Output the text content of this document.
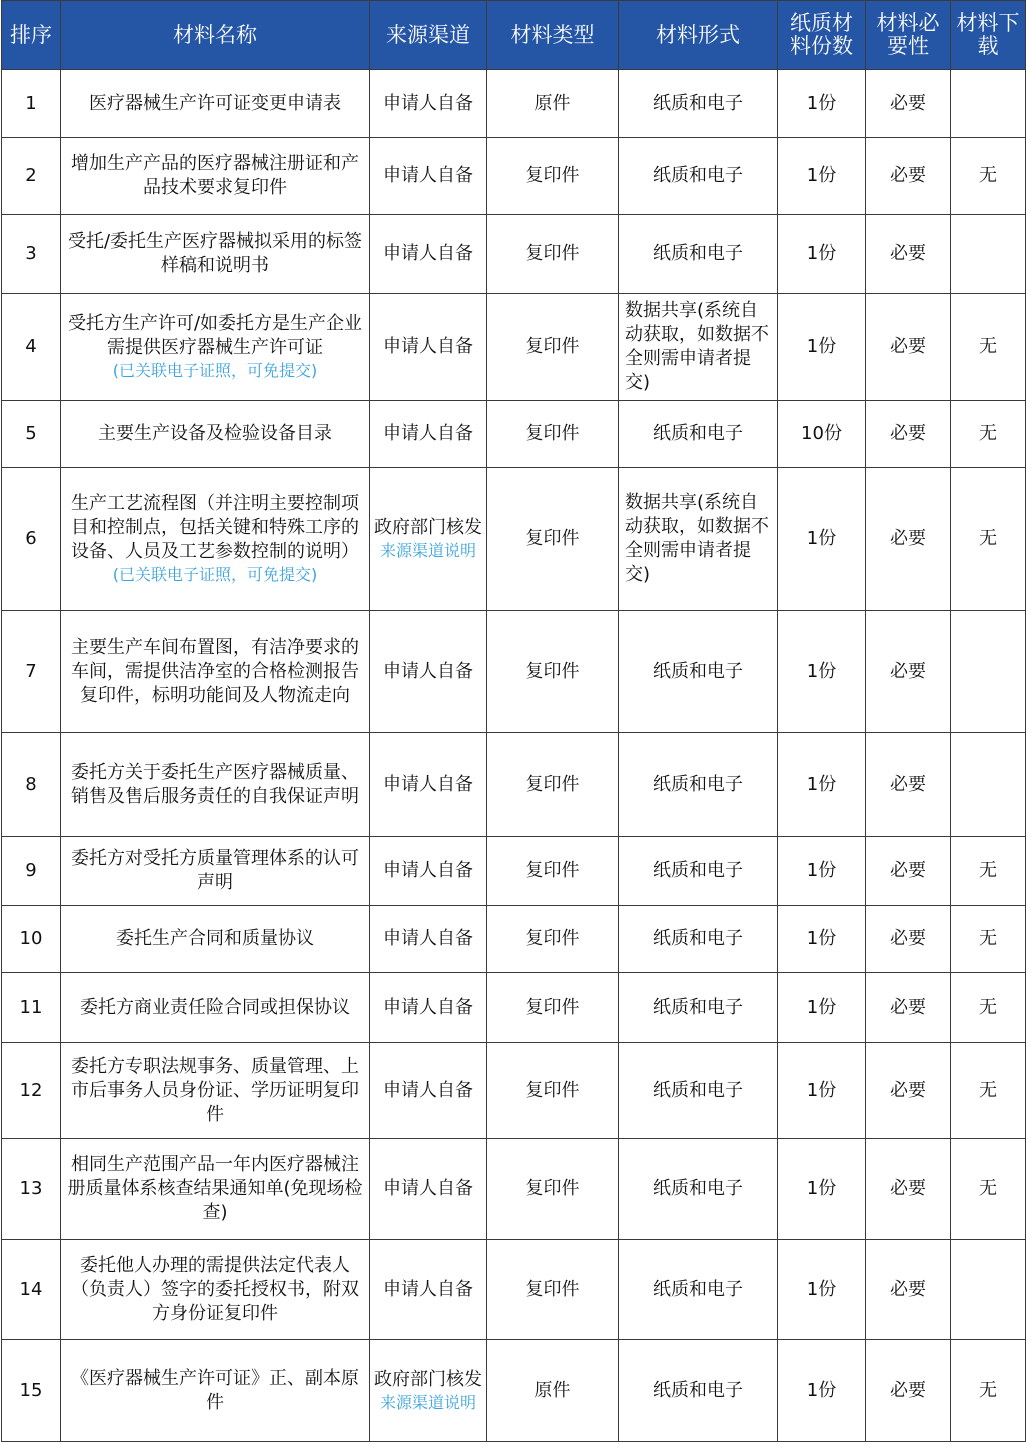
排序	材料名称	来源渠道	材料类型	材料形式	纸质材料份数	材料必要性	材料下载
1	医疗器械生产许可证变更申请表	申请人自备	原件	纸质和电子	1份	必要	
2	增加生产产品的医疗器械注册证和产品技术要求复印件	申请人自备	复印件	纸质和电子	1份	必要	无
3	受托/委托生产医疗器械拟采用的标签样稿和说明书	申请人自备	复印件	纸质和电子	1份	必要	
4	受托方生产许可/如委托方是生产企业需提供医疗器械生产许可证
(已关联电子证照，可免提交)	申请人自备	复印件	数据共享(系统自动获取，如数据不全则需申请者提交)	1份	必要	无
5	主要生产设备及检验设备目录	申请人自备	复印件	纸质和电子	10份	必要	无
6	生产工艺流程图（并注明主要控制项目和控制点，包括关键和特殊工序的设备、人员及工艺参数控制的说明）
(已关联电子证照，可免提交)	政府部门核发
来源渠道说明	复印件	数据共享(系统自动获取，如数据不全则需申请者提交)	1份	必要	无
7	主要生产车间布置图，有洁净要求的车间，需提供洁净室的合格检测报告复印件，标明功能间及人物流走向	申请人自备	复印件	纸质和电子	1份	必要	
8	委托方关于委托生产医疗器械质量、销售及售后服务责任的自我保证声明	申请人自备	复印件	纸质和电子	1份	必要	
9	委托方对受托方质量管理体系的认可声明	申请人自备	复印件	纸质和电子	1份	必要	无
10	委托生产合同和质量协议	申请人自备	复印件	纸质和电子	1份	必要	无
11	委托方商业责任险合同或担保协议	申请人自备	复印件	纸质和电子	1份	必要	无
12	委托方专职法规事务、质量管理、上市后事务人员身份证、学历证明复印件	申请人自备	复印件	纸质和电子	1份	必要	无
13	相同生产范围产品一年内医疗器械注册质量体系核查结果通知单(免现场检查)	申请人自备	复印件	纸质和电子	1份	必要	无
14	委托他人办理的需提供法定代表人（负责人）签字的委托授权书，附双方身份证复印件	申请人自备	复印件	纸质和电子	1份	必要	
15	《医疗器械生产许可证》正、副本原件	政府部门核发
来源渠道说明	原件	纸质和电子	1份	必要	无
